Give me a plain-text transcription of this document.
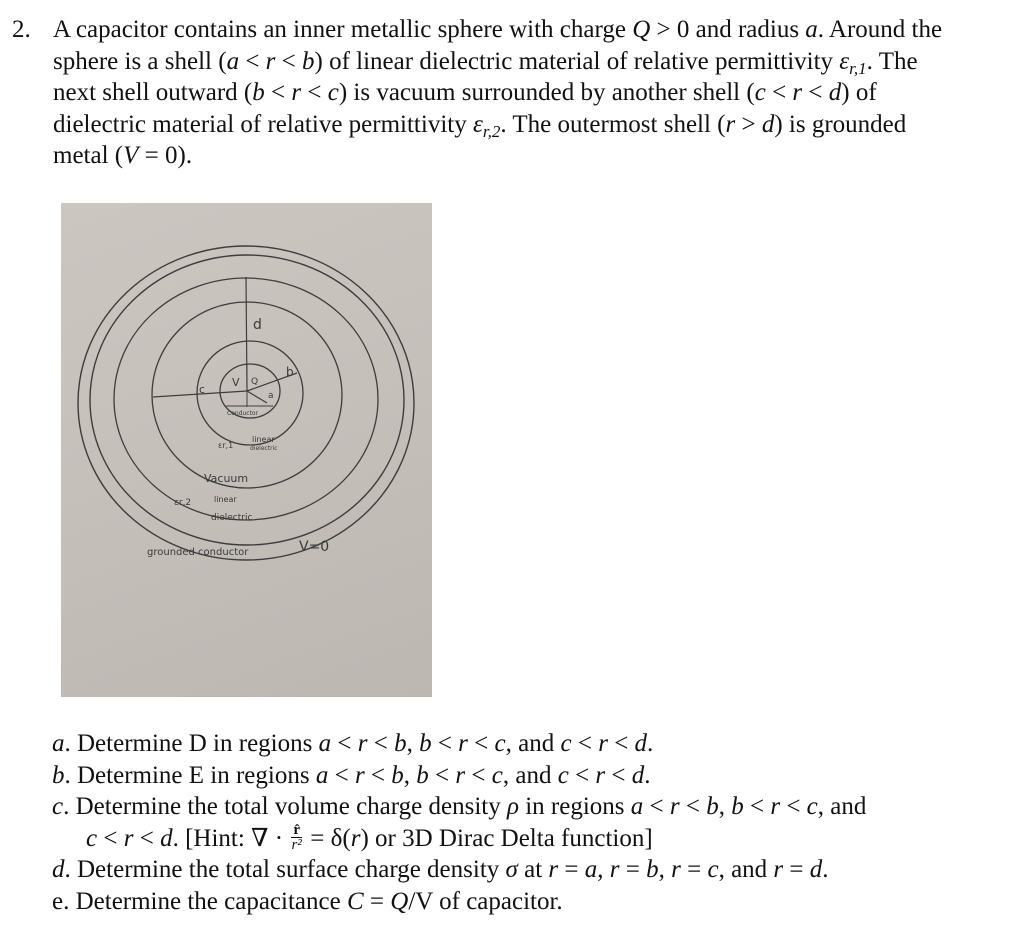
2. A capacitor contains an inner metallic sphere with charge Q > 0 and radius a. Around the
sphere is a shell (a < r < b) of linear dielectric material of relative permittivity $\varepsilon_{r,1}$. The
next shell outward (b < r < c) is vacuum surrounded by another shell (c < r < d) of
dielectric material of relative permittivity $\varepsilon_{r,2}$. The outermost shell (r > d) is grounded
metal (V = 0).
d
c
V Q
b
a
Conductor
εr,1
linear
dielectric
Vacuum
εr,2	linear
dielectric
grounded conductor	V=0
a. Determine D in regions a < r < b, b < r < c, and c < r < d.
b. Determine E in regions a < r < b, b < r < c, and c < r < d.
c. Determine the total volume charge density ρ in regions a < r < b, b < r < c, and
c < r < d. [Hint: ∇ · $\frac{r̂}{\text{r²}} = \delta(r)$ or 3D Dirac Delta function]
d. Determine the total surface charge density σ at r = a, r = b, r = c, and r = d.
e. Determine the capacitance C = Q/V of capacitor.
